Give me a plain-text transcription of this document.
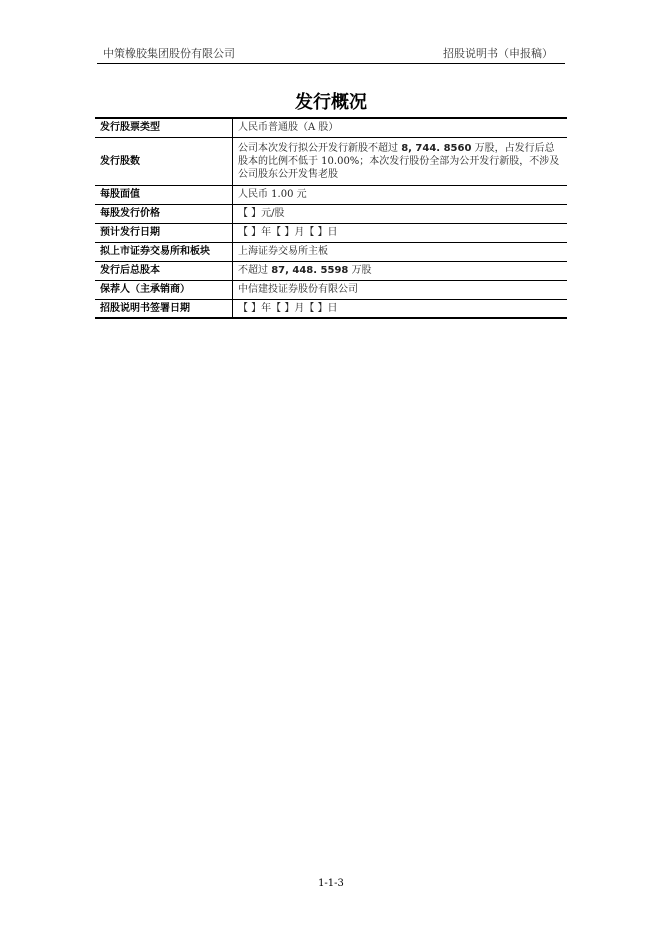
中策橡胶集团股份有限公司	招股说明书（申报稿）
发行概况
发行股票类型	人民币普通股（A 股）
发行股数	公司本次发行拟公开发行新股不超过 8, 744. 8560 万股，占发行后总股本的比例不低于 10.00%；本次发行股份全部为公开发行新股，不涉及公司股东公开发售老股
每股面值	人民币 1.00 元
每股发行价格	【 】元/股
预计发行日期	【 】年【 】月【 】日
拟上市证券交易所和板块	上海证券交易所主板
发行后总股本	不超过 87, 448. 5598 万股
保荐人（主承销商）	中信建投证券股份有限公司
招股说明书签署日期	【 】年【 】月【 】日
1-1-3
